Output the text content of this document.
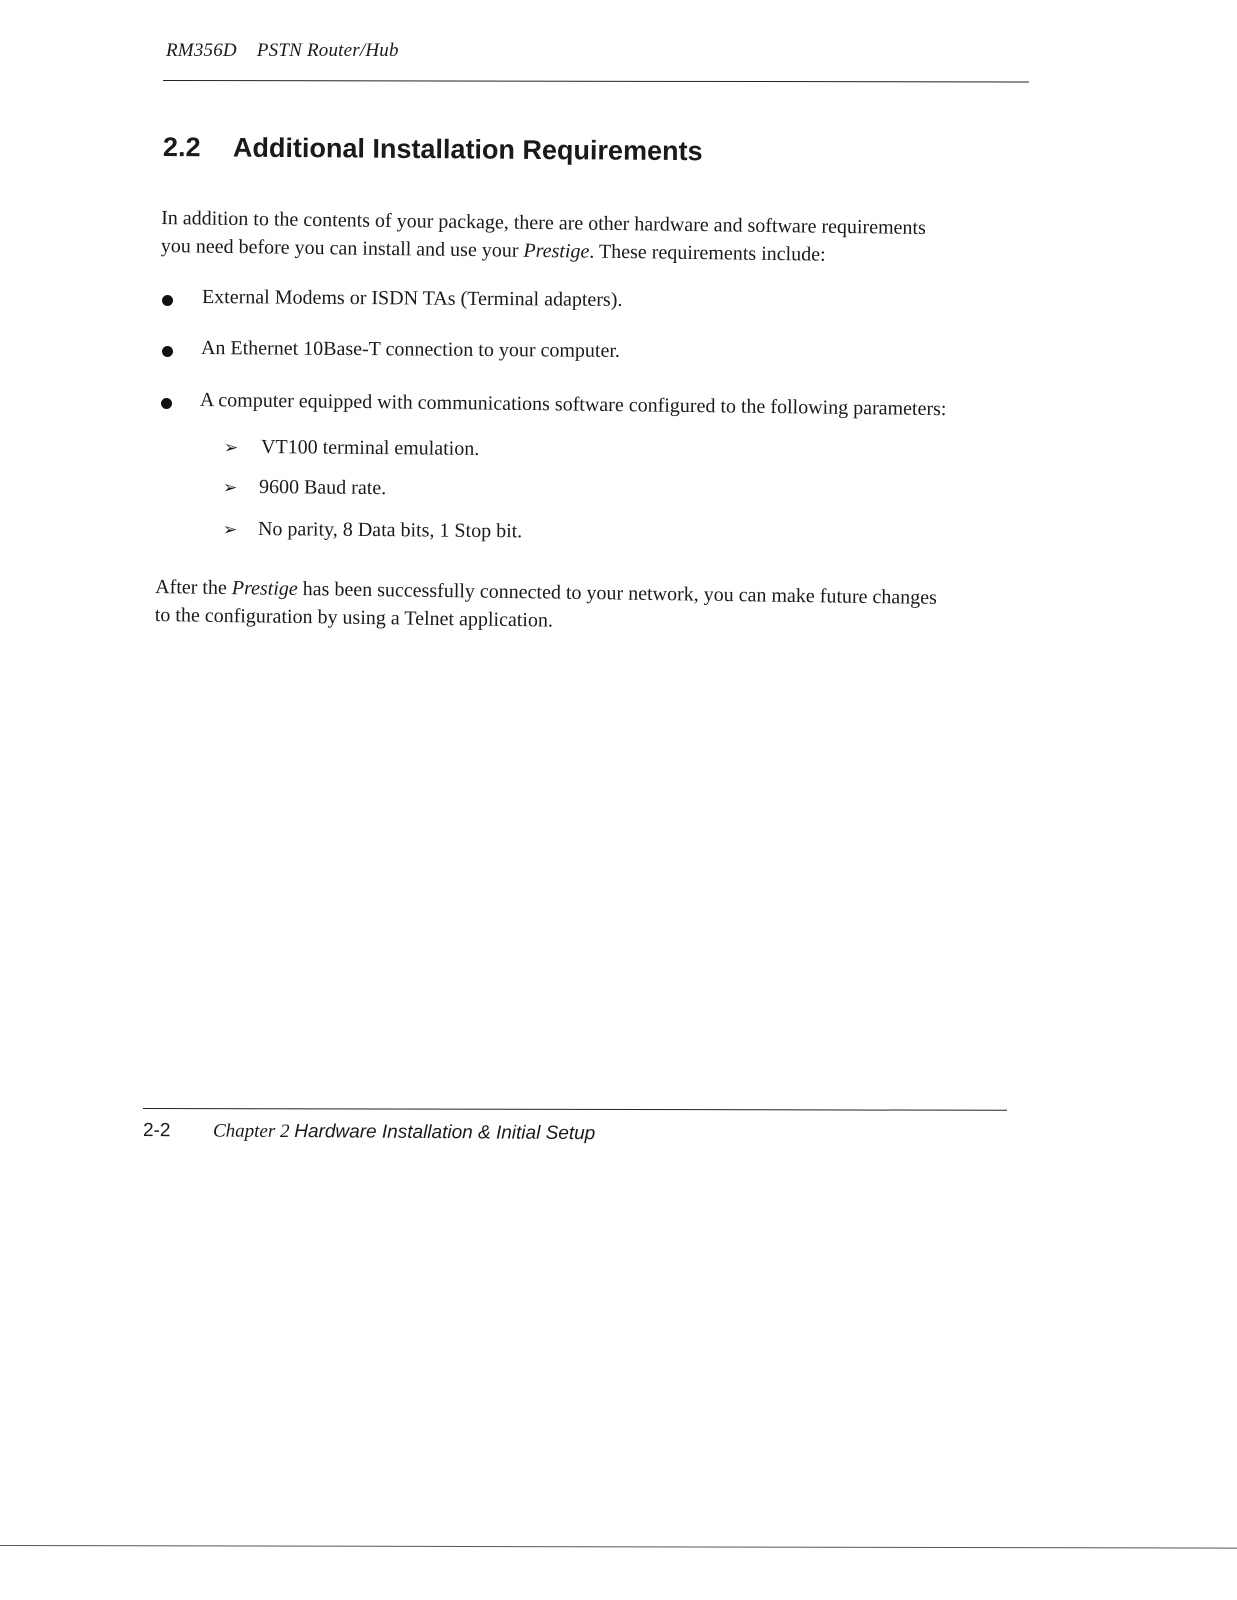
RM356D PSTN Router/Hub
2.2 Additional Installation Requirements
In addition to the contents of your package, there are other hardware and software requirements
you need before you can install and use your Prestige. These requirements include:
External Modems or ISDN TAs (Terminal adapters).
An Ethernet 10Base-T connection to your computer.
A computer equipped with communications software configured to the following parameters:
➢ VT100 terminal emulation.
➢ 9600 Baud rate.
➢ No parity, 8 Data bits, 1 Stop bit.
After the Prestige has been successfully connected to your network, you can make future changes
to the configuration by using a Telnet application.
2-2 Chapter 2 Hardware Installation & Initial Setup
